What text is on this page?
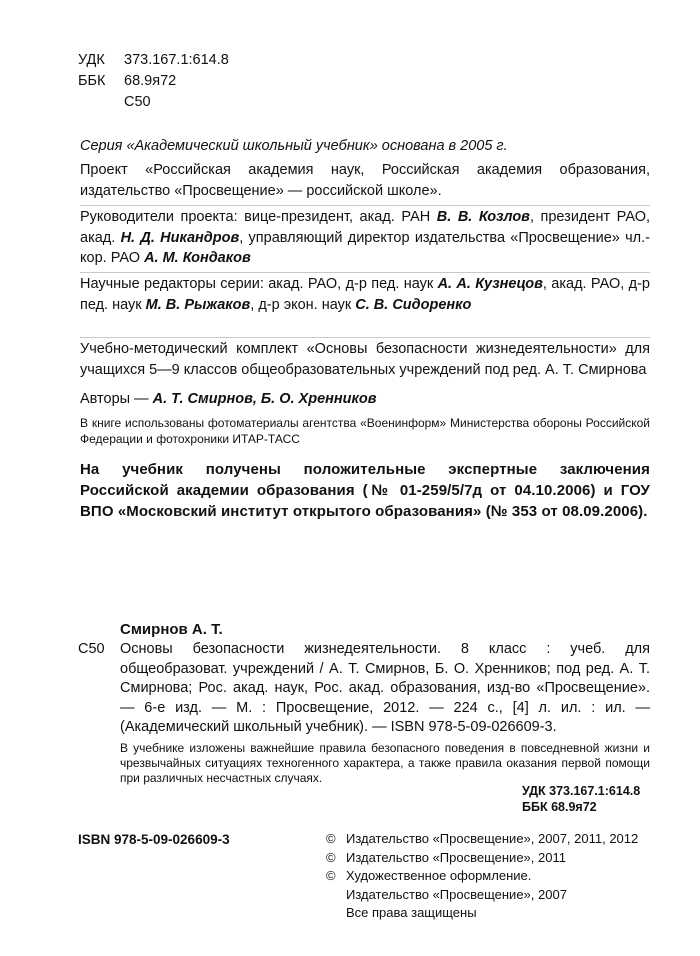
УДК	373.167.1:614.8
ББК	68.9я72
С50
Серия «Академический школьный учебник» основана в 2005 г.
Проект «Российская академия наук, Российская академия образования, издательство «Просвещение» — российской школе».
Руководители проекта: вице-президент, акад. РАН В. В. Козлов, президент РАО, акад. Н. Д. Никандров, управляющий директор издательства «Просвещение» чл.-кор. РАО А. М. Кондаков
Научные редакторы серии: акад. РАО, д-р пед. наук А. А. Кузнецов, акад. РАО, д-р пед. наук М. В. Рыжаков, д-р экон. наук С. В. Сидоренко
Учебно-методический комплект «Основы безопасности жизнедеятельности» для учащихся 5—9 классов общеобразовательных учреждений под ред. А. Т. Смирнова
Авторы — А. Т. Смирнов, Б. О. Хренников
В книге использованы фотоматериалы агентства «Военинформ» Министерства обороны Российской Федерации и фотохроники ИТАР-ТАСС
На учебник получены положительные экспертные заключения Российской академии образования (№ 01-259/5/7д от 04.10.2006) и ГОУ ВПО «Московский институт открытого образования» (№ 353 от 08.09.2006).
Смирнов А. Т.
С50 Основы безопасности жизнедеятельности. 8 класс : учеб. для общеобразоват. учреждений / А. Т. Смирнов, Б. О. Хренников; под ред. А. Т. Смирнова; Рос. акад. наук, Рос. акад. образования, изд-во «Просвещение». — 6-е изд. — М. : Просвещение, 2012. — 224 с., [4] л. ил. : ил. — (Академический школьный учебник). — ISBN 978-5-09-026609-3.
В учебнике изложены важнейшие правила безопасного поведения в повседневной жизни и чрезвычайных ситуациях техногенного характера, а также правила оказания первой помощи при различных несчастных случаях.
УДК 373.167.1:614.8
ББК 68.9я72
ISBN 978-5-09-026609-3	© Издательство «Просвещение», 2007, 2011, 2012
© Издательство «Просвещение», 2011
© Художественное оформление.
Издательство «Просвещение», 2007
Все права защищены
